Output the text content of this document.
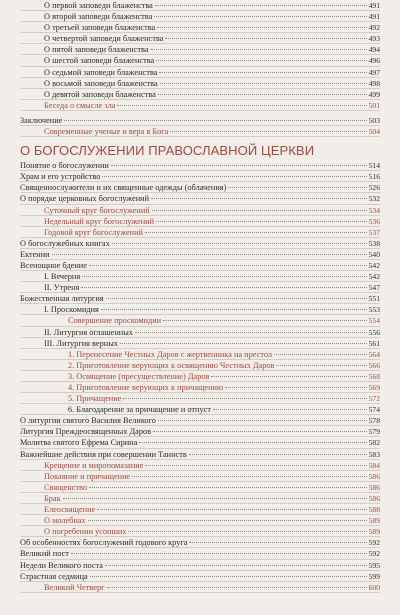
О первой заповеди блаженства	491
О второй заповеди блаженства	491
О третьей заповеди блаженства	492
О четвертой заповеди блаженства	493
О пятой заповеди блаженства	494
О шестой заповеди блаженства	496
О седьмой заповеди блаженства	497
О восьмой заповеди блаженства	498
О девятой заповеди блаженства	499
Беседа о смысле зла	501
Заключение	503
Современные ученые и вера в Бога	504
О БОГОСЛУЖЕНИИ ПРАВОСЛАВНОЙ ЦЕРКВИ
Понятие о богослужении	514
Храм и его устройство	516
Священнослужители и их священные одежды (облачения)	526
О порядке церковных богослужений	532
Суточный круг богослужений	534
Недельный круг богослужений	536
Годовой круг богослужений	537
О богослужебных книгах	538
Ектении	540
Всенощное бдение	542
I. Вечерня	542
II. Утреня	547
Божественная литургия	551
I. Проскомидия	553
Совершение проскомидии	554
II. Литургия оглашенных	556
III. Литургия верных	561
1. Перенесение Честных Даров с жертвенника на престол	564
2. Приготовление верующих к освящению Честных Даров	566
3. Освящение (пресуществление) Даров	568
4. Приготовление верующих к причащению	569
5. Причащение	572
6. Благодарение за причащение и отпуст	574
О литургии святого Василия Великого	578
Литургия Преждеосвященных Даров	579
Молитва святого Ефрема Сирина	582
Важнейшие действия при совершении Таинств	583
Крещение и миропомазание	584
Покаяние и причащение	586
Священство	586
Брак	586
Елеосвящение	588
О молебнах	589
О погребении усопших	589
Об особенностях богослужений годового круга	592
Великий пост	592
Недели Великого поста	595
Страстная седмица	599
Великий Четверг	600
